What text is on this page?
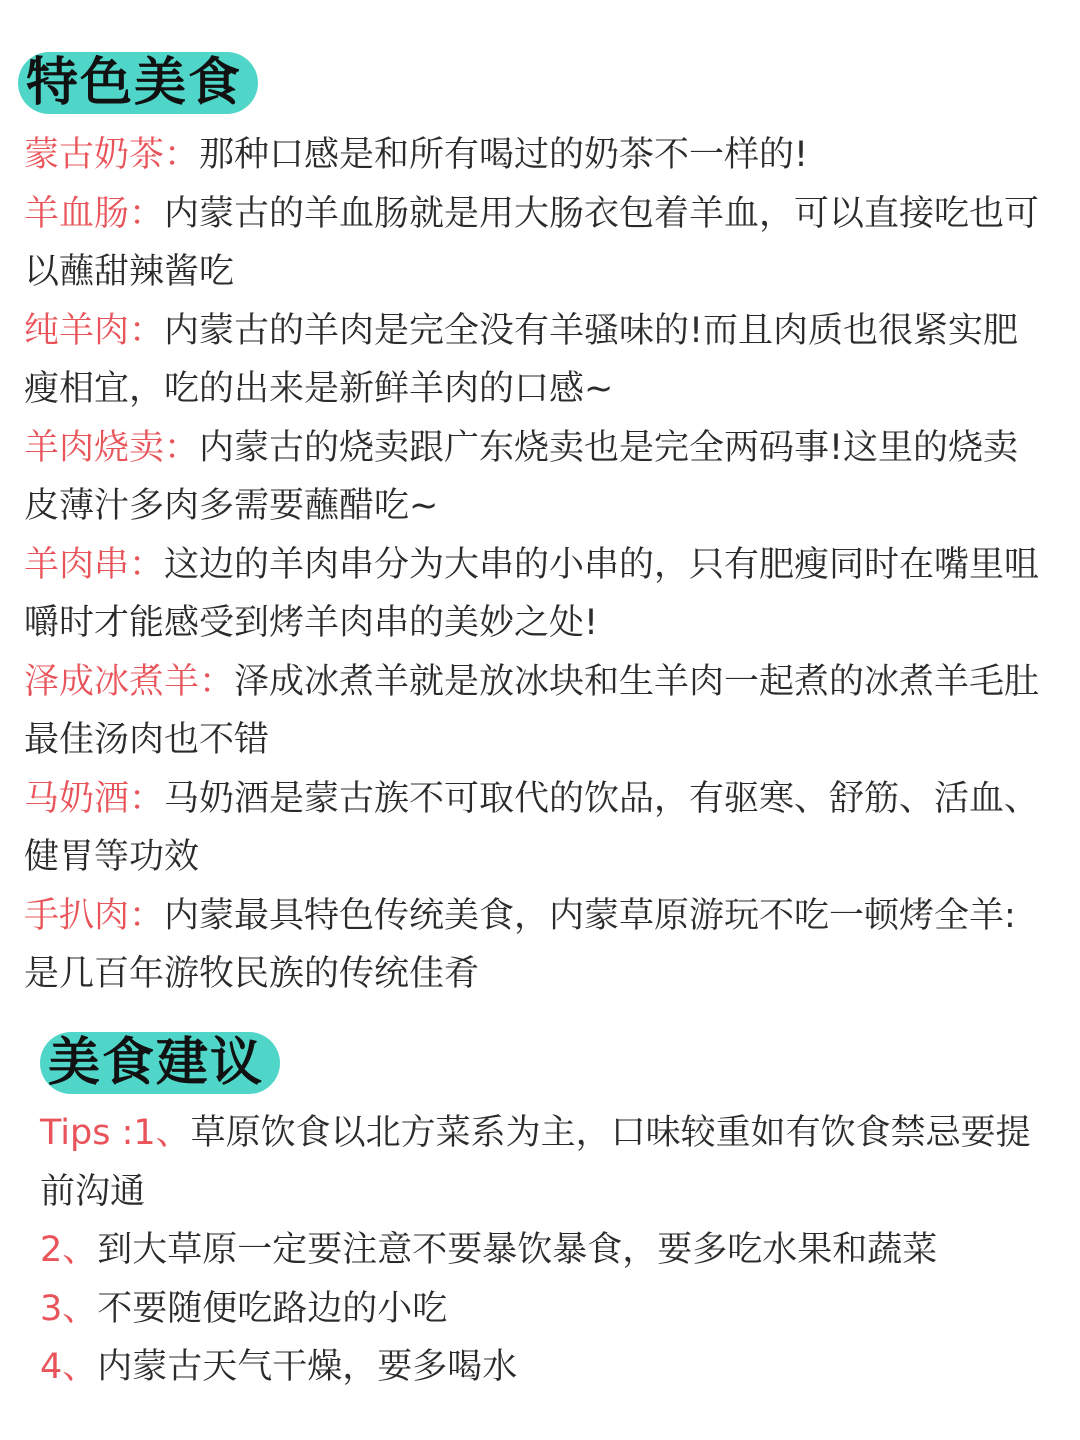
特色美食

蒙古奶茶：那种口感是和所有喝过的奶茶不一样的!

羊血肠：内蒙古的羊血肠就是用大肠衣包着羊血，可以直接吃也可以蘸甜辣酱吃

纯羊肉：内蒙古的羊肉是完全没有羊骚味的!而且肉质也很紧实肥瘦相宜，吃的出来是新鲜羊肉的口感~

羊肉烧卖：内蒙古的烧卖跟广东烧卖也是完全两码事!这里的烧卖皮薄汁多肉多需要蘸醋吃~

羊肉串：这边的羊肉串分为大串的小串的，只有肥瘦同时在嘴里咀嚼时才能感受到烤羊肉串的美妙之处!

泽成冰煮羊：泽成冰煮羊就是放冰块和生羊肉一起煮的冰煮羊毛肚最佳汤肉也不错

马奶酒：马奶酒是蒙古族不可取代的饮品，有驱寒、舒筋、活血、健胃等功效

手扒肉：内蒙最具特色传统美食，内蒙草原游玩不吃一顿烤全羊:是几百年游牧民族的传统佳肴

美食建议

Tips :1、草原饮食以北方菜系为主，口味较重如有饮食禁忌要提前沟通

2、到大草原一定要注意不要暴饮暴食，要多吃水果和蔬菜

3、不要随便吃路边的小吃

4、内蒙古天气干燥，要多喝水
